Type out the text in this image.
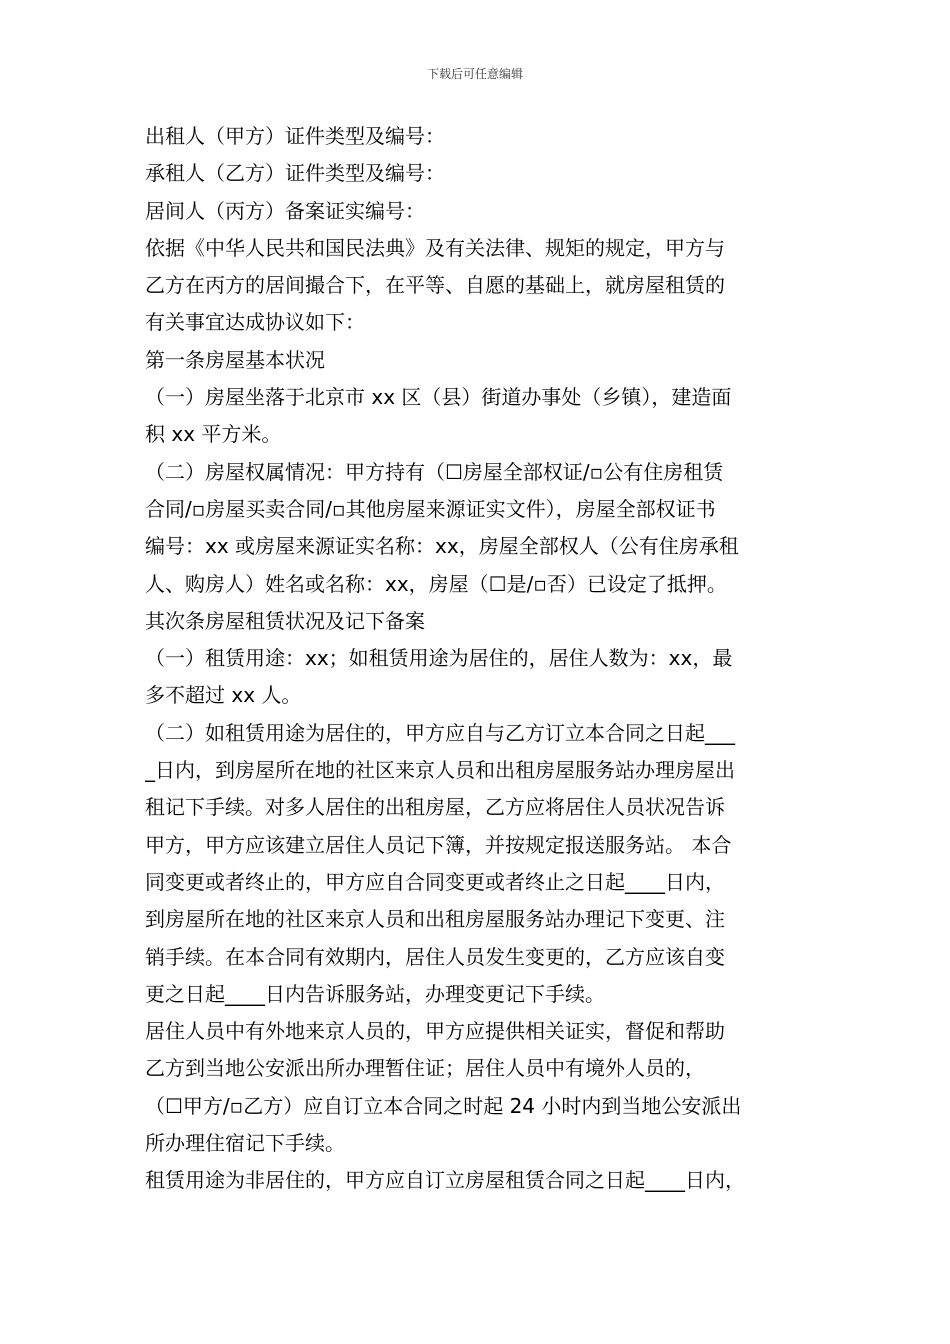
下载后可任意编辑
出租人（甲方）证件类型及编号：
承租人（乙方）证件类型及编号：
居间人（丙方）备案证实编号：
依据《中华人民共和国民法典》及有关法律、规矩的规定，甲方与
乙方在丙方的居间撮合下，在平等、自愿的基础上，就房屋租赁的
有关事宜达成协议如下：
第一条房屋基本状况
（一）房屋坐落于北京市 xx 区（县）街道办事处（乡镇），建造面
积 xx 平方米。
（二）房屋权属情况：甲方持有（☐房屋全部权证/▫公有住房租赁
合同/▫房屋买卖合同/▫其他房屋来源证实文件），房屋全部权证书
编号：xx 或房屋来源证实名称：xx，房屋全部权人（公有住房承租
人、购房人）姓名或名称：xx，房屋（☐是/▫否）已设定了抵押。
其次条房屋租赁状况及记下备案
（一）租赁用途：xx；如租赁用途为居住的，居住人数为：xx，最
多不超过 xx 人。
（二）如租赁用途为居住的，甲方应自与乙方订立本合同之日起___
_日内，到房屋所在地的社区来京人员和出租房屋服务站办理房屋出
租记下手续。对多人居住的出租房屋，乙方应将居住人员状况告诉
甲方，甲方应该建立居住人员记下簿，并按规定报送服务站。 本合
同变更或者终止的，甲方应自合同变更或者终止之日起____日内，
到房屋所在地的社区来京人员和出租房屋服务站办理记下变更、注
销手续。在本合同有效期内，居住人员发生变更的，乙方应该自变
更之日起____日内告诉服务站，办理变更记下手续。
居住人员中有外地来京人员的，甲方应提供相关证实，督促和帮助
乙方到当地公安派出所办理暂住证；居住人员中有境外人员的，
（☐甲方/▫乙方）应自订立本合同之时起 24 小时内到当地公安派出
所办理住宿记下手续。
租赁用途为非居住的，甲方应自订立房屋租赁合同之日起____日内，
